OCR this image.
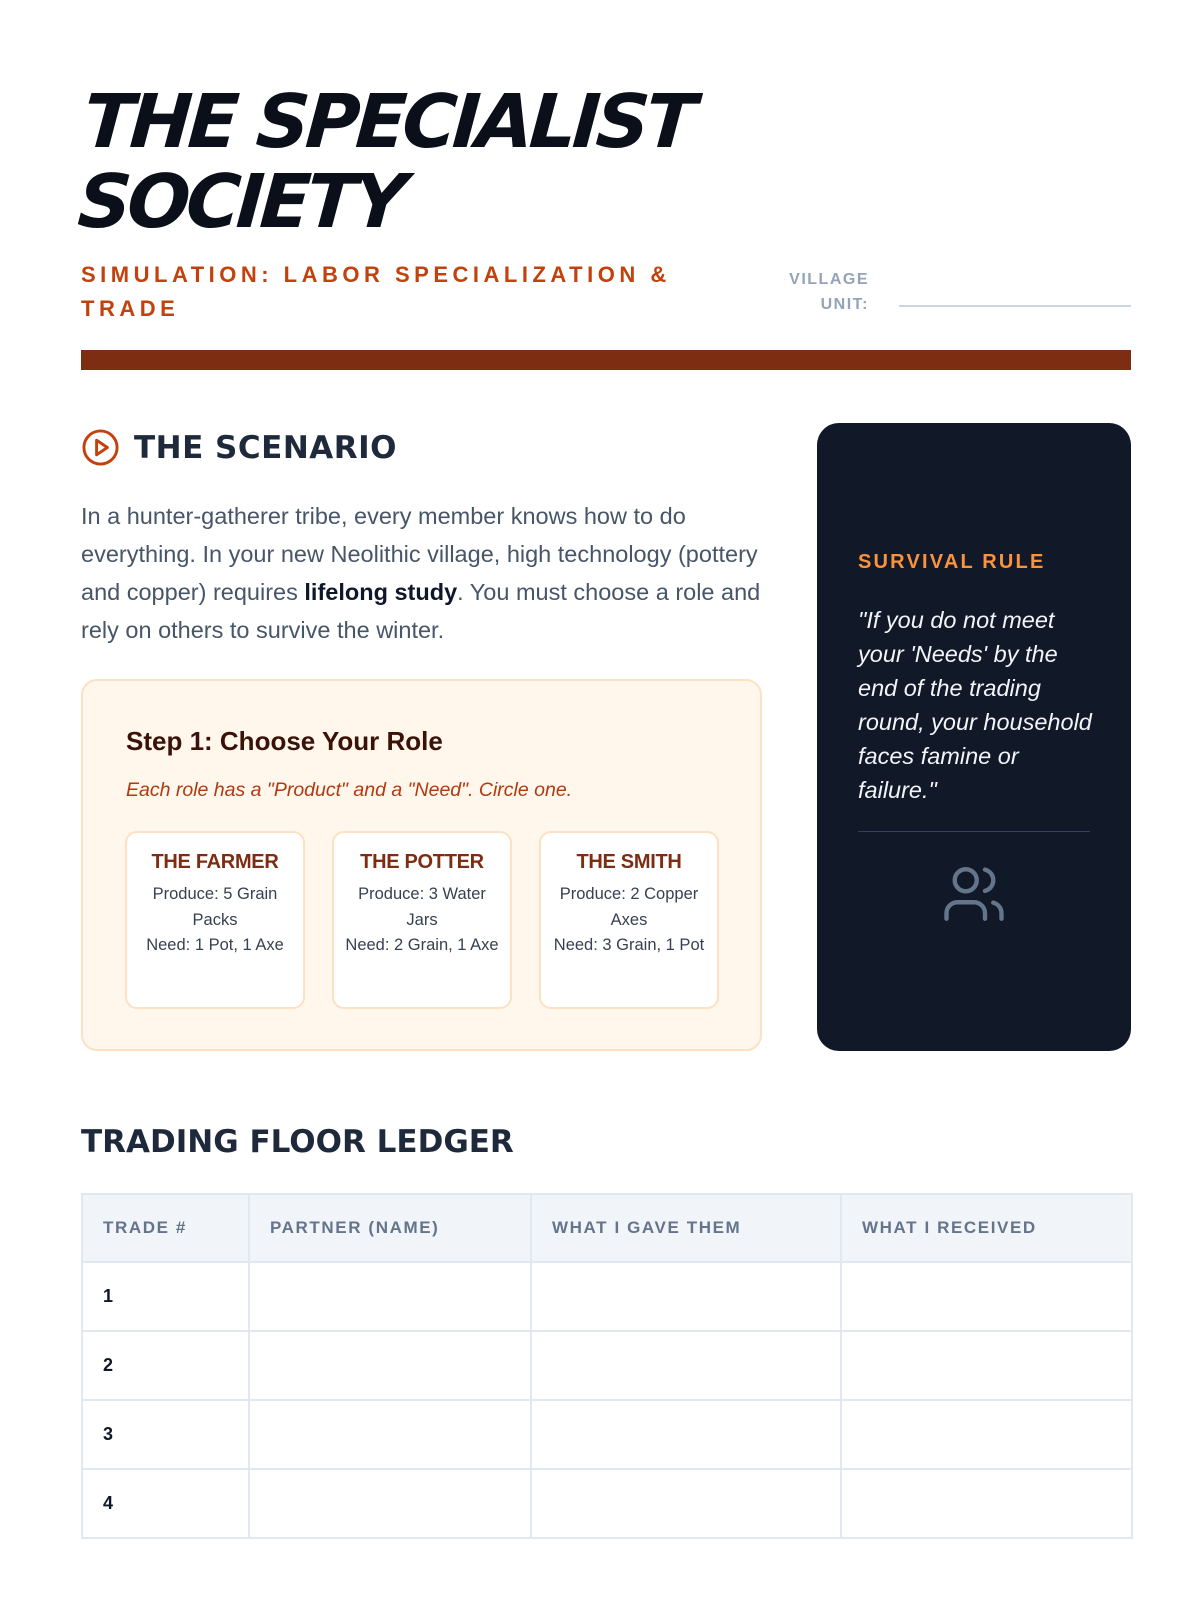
THE SPECIALIST SOCIETY
SIMULATION: LABOR SPECIALIZATION & TRADE
VILLAGE UNIT:
THE SCENARIO

In a hunter-gatherer tribe, every member knows how to do everything. In your new Neolithic village, high technology (pottery and copper) requires lifelong study. You must choose a role and rely on others to survive the winter.

Step 1: Choose Your Role
Each role has a "Product" and a "Need". Circle one.
THE FARMER
Produce: 5 Grain Packs
Need: 1 Pot, 1 Axe
THE POTTER
Produce: 3 Water Jars
Need: 2 Grain, 1 Axe
THE SMITH
Produce: 2 Copper Axes
Need: 3 Grain, 1 Pot
SURVIVAL RULE
"If you do not meet your 'Needs' by the end of the trading round, your household faces famine or failure."
TRADING FLOOR LEDGER
TRADE #	PARTNER (NAME)	WHAT I GAVE THEM	WHAT I RECEIVED
1			
2			
3			
4			
